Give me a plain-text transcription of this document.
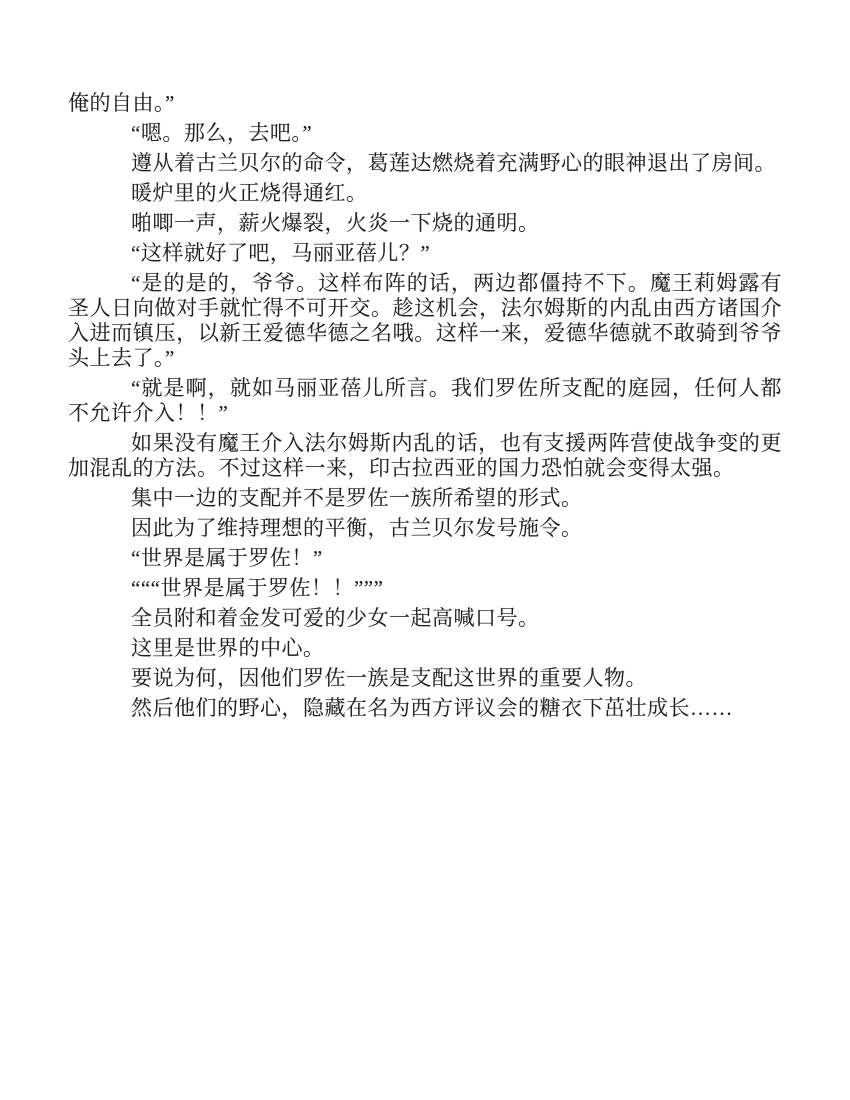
俺的自由。”

“嗯。那么，去吧。”

遵从着古兰贝尔的命令，葛莲达燃烧着充满野心的眼神退出了房间。

暖炉里的火正烧得通红。

啪唧一声，薪火爆裂，火炎一下烧的通明。

“这样就好了吧，马丽亚蓓儿？”

“是的是的，爷爷。这样布阵的话，两边都僵持不下。魔王莉姆露有圣人日向做对手就忙得不可开交。趁这机会，法尔姆斯的内乱由西方诸国介入进而镇压，以新王爱德华德之名哦。这样一来，爱德华德就不敢骑到爷爷头上去了。”

“就是啊，就如马丽亚蓓儿所言。我们罗佐所支配的庭园，任何人都不允许介入！！”

如果没有魔王介入法尔姆斯内乱的话，也有支援两阵营使战争变的更加混乱的方法。不过这样一来，印古拉西亚的国力恐怕就会变得太强。

集中一边的支配并不是罗佐一族所希望的形式。

因此为了维持理想的平衡，古兰贝尔发号施令。

“世界是属于罗佐！”

“““世界是属于罗佐！！”””

全员附和着金发可爱的少女一起高喊口号。

这里是世界的中心。

要说为何，因他们罗佐一族是支配这世界的重要人物。

然后他们的野心，隐藏在名为西方评议会的糖衣下茁壮成长……
